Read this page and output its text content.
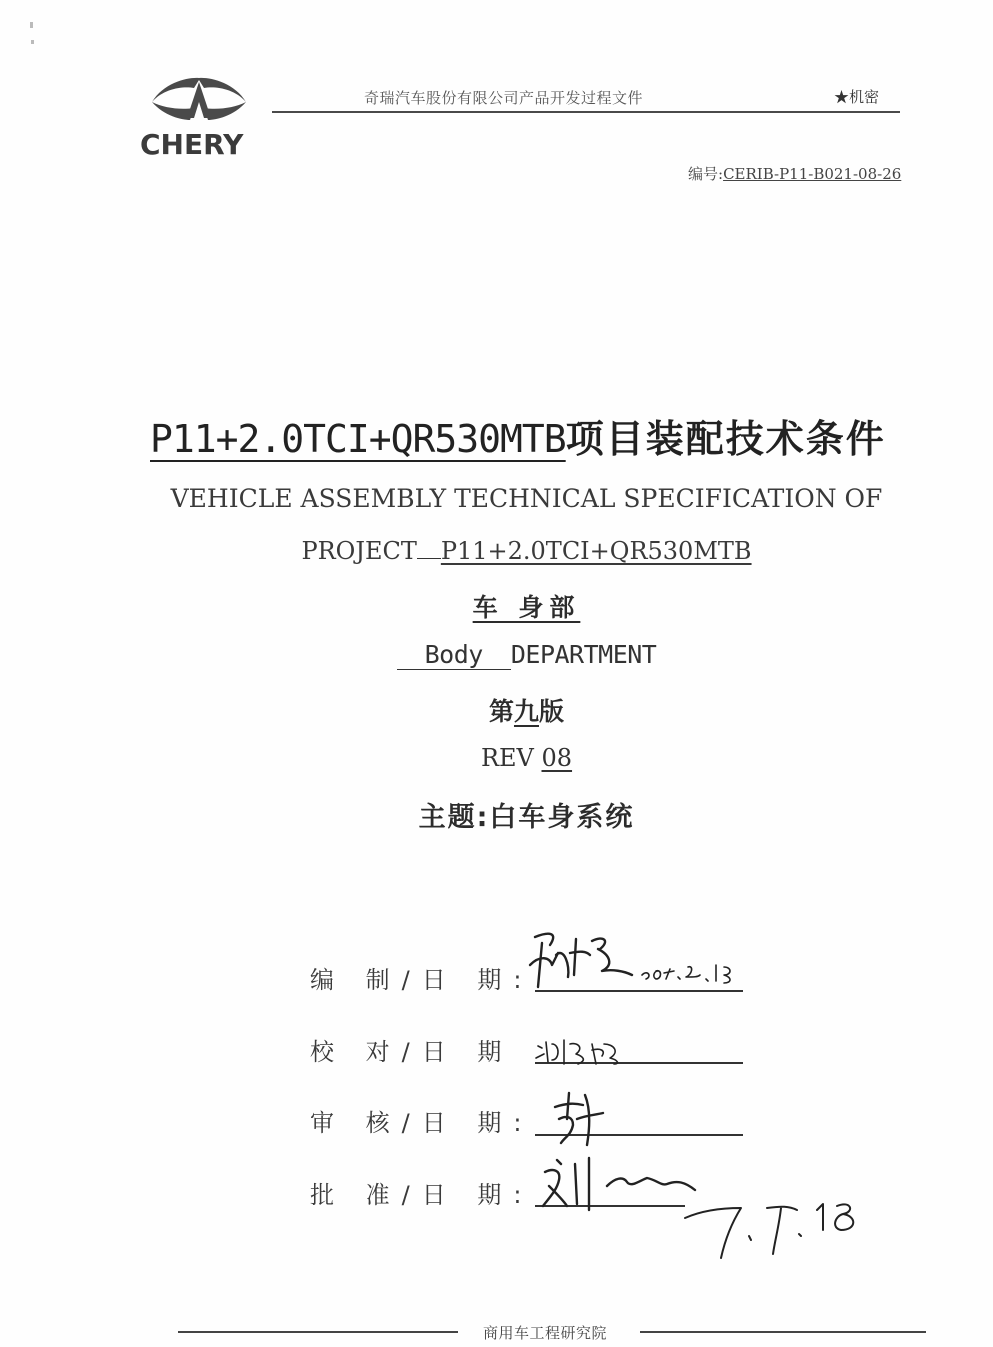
CHERY
奇瑞汽车股份有限公司产品开发过程文件	★机密
编号:CERIB-P11-B021-08-26
P11+2.0TCI+QR530MTB项目装配技术条件
VEHICLE ASSEMBLY TECHNICAL SPECIFICATION OF
PROJECT P11+2.0TCI+QR530MTB
车 身部
Body DEPARTMENT
第九版
REV 08
主题:白车身系统
编 制/日 期:
校 对/日 期
审 核/日 期:
批 准/日 期:
商用车工程研究院
